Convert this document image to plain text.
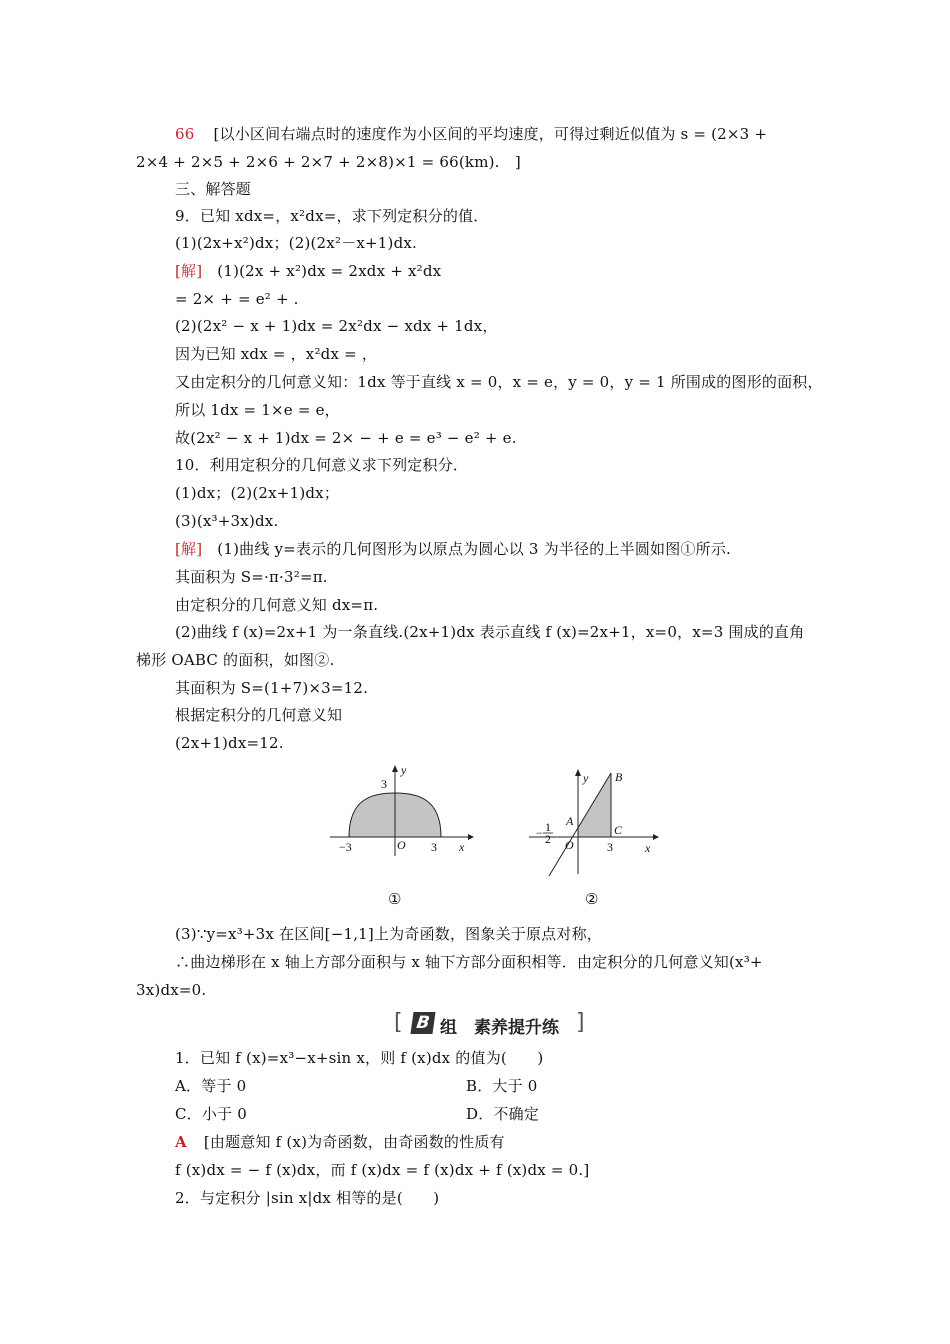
66 [以小区间右端点时的速度作为小区间的平均速度，可得过剩近似值为 s = (2×3 +
2×4 + 2×5 + 2×6 + 2×7 + 2×8)×1 = 66(km).　]
三、解答题
9．已知 xdx=，x²dx=，求下列定积分的值．
(1)(2x+x²)dx；(2)(2x²－x+1)dx.
[解] (1)(2x + x²)dx = 2xdx + x²dx
= 2× + = e² + .
(2)(2x² − x + 1)dx = 2x²dx − xdx + 1dx，
因为已知 xdx = ，x²dx = ，
又由定积分的几何意义知：1dx 等于直线 x = 0，x = e，y = 0，y = 1 所围成的图形的面积，
所以 1dx = 1×e = e，
故(2x² − x + 1)dx = 2× − + e = e³ − e² + e.
10．利用定积分的几何意义求下列定积分．
(1)dx；(2)(2x+1)dx；
(3)(x³+3x)dx.
[解] (1)曲线 y=表示的几何图形为以原点为圆心以 3 为半径的上半圆如图①所示.
其面积为 S=·π·3²=π.
由定积分的几何意义知 dx=π.
(2)曲线 f (x)=2x+1 为一条直线.(2x+1)dx 表示直线 f (x)=2x+1，x=0，x=3 围成的直角
梯形 OABC 的面积，如图②.
其面积为 S=(1+7)×3=12.
根据定积分的几何意义知
(2x+1)dx=12.
y
3
−3	O 3 x
①
y B
A
C
O	3	x
− 1
2
②
(3)∵y=x³+3x 在区间[−1,1]上为奇函数，图象关于原点对称，
∴曲边梯形在 x 轴上方部分面积与 x 轴下方部分面积相等．由定积分的几何意义知(x³+
3x)dx=0.
[ B 组　素养提升练 ]
1．已知 f (x)=x³−x+sin x，则 f (x)dx 的值为(　　)
A．等于 0	B．大于 0
C．小于 0	D．不确定
A [由题意知 f (x)为奇函数，由奇函数的性质有
f (x)dx = − f (x)dx，而 f (x)dx = f (x)dx + f (x)dx = 0.]
2．与定积分 |sin x|dx 相等的是(　　)
